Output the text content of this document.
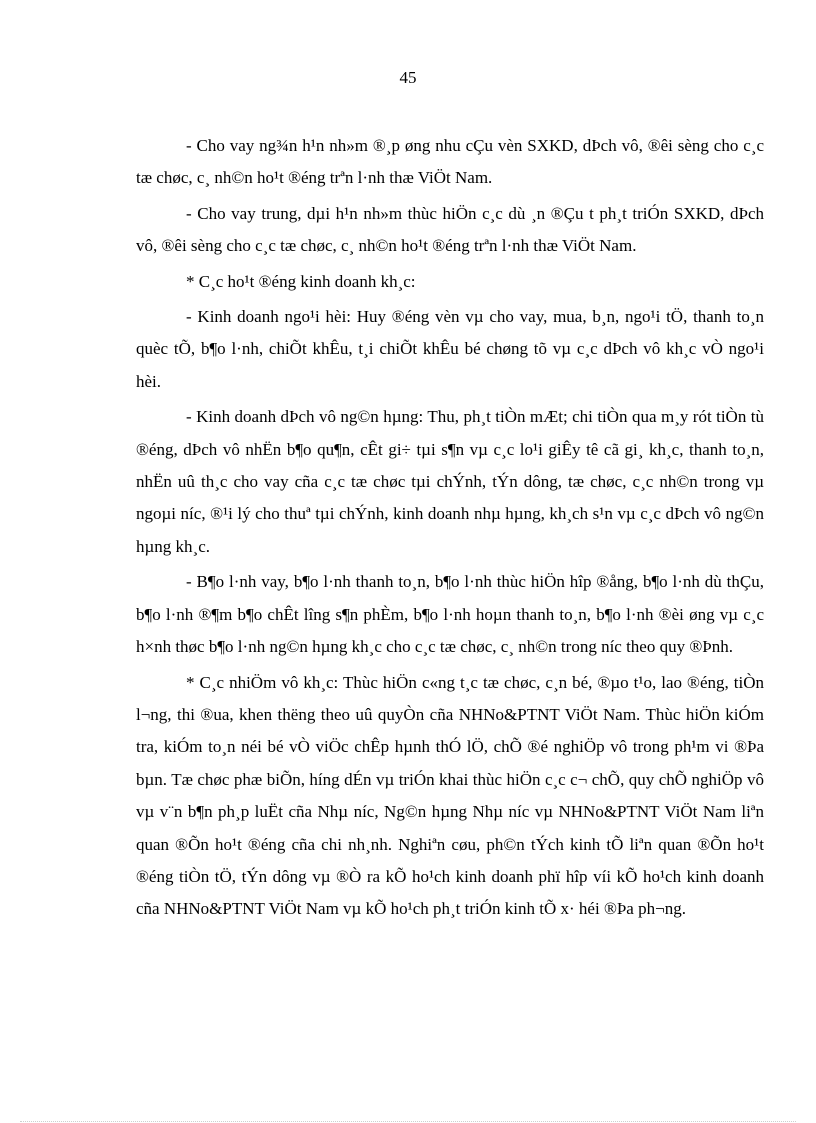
45

- Cho vay ng¾n h¹n nh»m ®¸p øng nhu cÇu vèn SXKD, dÞch vô, ®êi sèng cho c¸c tæ chøc, c¸ nh©n ho¹t ®éng trªn l·nh thæ ViÖt Nam.

- Cho vay trung, dµi h¹n nh»m thùc hiÖn c¸c dù ¸n ®Çu t ph¸t triÓn SXKD, dÞch vô, ®êi sèng cho c¸c tæ chøc, c¸ nh©n ho¹t ®éng trªn l·nh thæ ViÖt Nam.

* C¸c ho¹t ®éng kinh doanh kh¸c:

- Kinh doanh ngo¹i hèi: Huy ®éng vèn vµ cho vay, mua, b¸n, ngo¹i tÖ, thanh to¸n quèc tÕ, b¶o l·nh, chiÕt khÊu, t¸i chiÕt khÊu bé chøng tõ vµ c¸c dÞch vô kh¸c vÒ ngo¹i hèi.

- Kinh doanh dÞch vô ng©n hµng: Thu, ph¸t tiÒn mÆt; chi tiÒn qua m¸y rót tiÒn tù ®éng, dÞch vô nhËn b¶o qu¶n, cÊt gi÷ tµi s¶n vµ c¸c lo¹i giÊy tê cã gi¸ kh¸c, thanh to¸n, nhËn uû th¸c cho vay cña c¸c tæ chøc tµi chÝnh, tÝn dông, tæ chøc, c¸c nh©n trong vµ ngoµi níc, ®¹i lý cho thuª tµi chÝnh, kinh doanh nhµ hµng, kh¸ch s¹n vµ c¸c dÞch vô ng©n hµng kh¸c.

- B¶o l·nh vay, b¶o l·nh thanh to¸n, b¶o l·nh thùc hiÖn hîp ®ång, b¶o l·nh dù thÇu, b¶o l·nh ®¶m b¶o chÊt lîng s¶n phÈm, b¶o l·nh hoµn thanh to¸n, b¶o l·nh ®èi øng vµ c¸c h×nh thøc b¶o l·nh ng©n hµng kh¸c cho c¸c tæ chøc, c¸ nh©n trong níc theo quy ®Þnh.

* C¸c nhiÖm vô kh¸c: Thùc hiÖn c«ng t¸c tæ chøc, c¸n bé, ®µo t¹o, lao ®éng, tiÒn l¬ng, thi ®ua, khen thëng theo uû quyÒn cña NHNo&PTNT ViÖt Nam. Thùc hiÖn kiÓm tra, kiÓm to¸n néi bé vÒ viÖc chÊp hµnh thÓ lÖ, chÕ ®é nghiÖp vô trong ph¹m vi ®Þa bµn. Tæ chøc phæ biÕn, híng dÉn vµ triÓn khai thùc hiÖn c¸c c¬ chÕ, quy chÕ nghiÖp vô vµ v¨n b¶n ph¸p luËt cña Nhµ níc, Ng©n hµng Nhµ níc vµ NHNo&PTNT ViÖt Nam liªn quan ®Õn ho¹t ®éng cña chi nh¸nh. Nghiªn cøu, ph©n tÝch kinh tÕ liªn quan ®Õn ho¹t ®éng tiÒn tÖ, tÝn dông vµ ®Ò ra kÕ ho¹ch kinh doanh phï hîp víi kÕ ho¹ch kinh doanh cña NHNo&PTNT ViÖt Nam vµ kÕ ho¹ch ph¸t triÓn kinh tÕ x· héi ®Þa ph¬ng.
